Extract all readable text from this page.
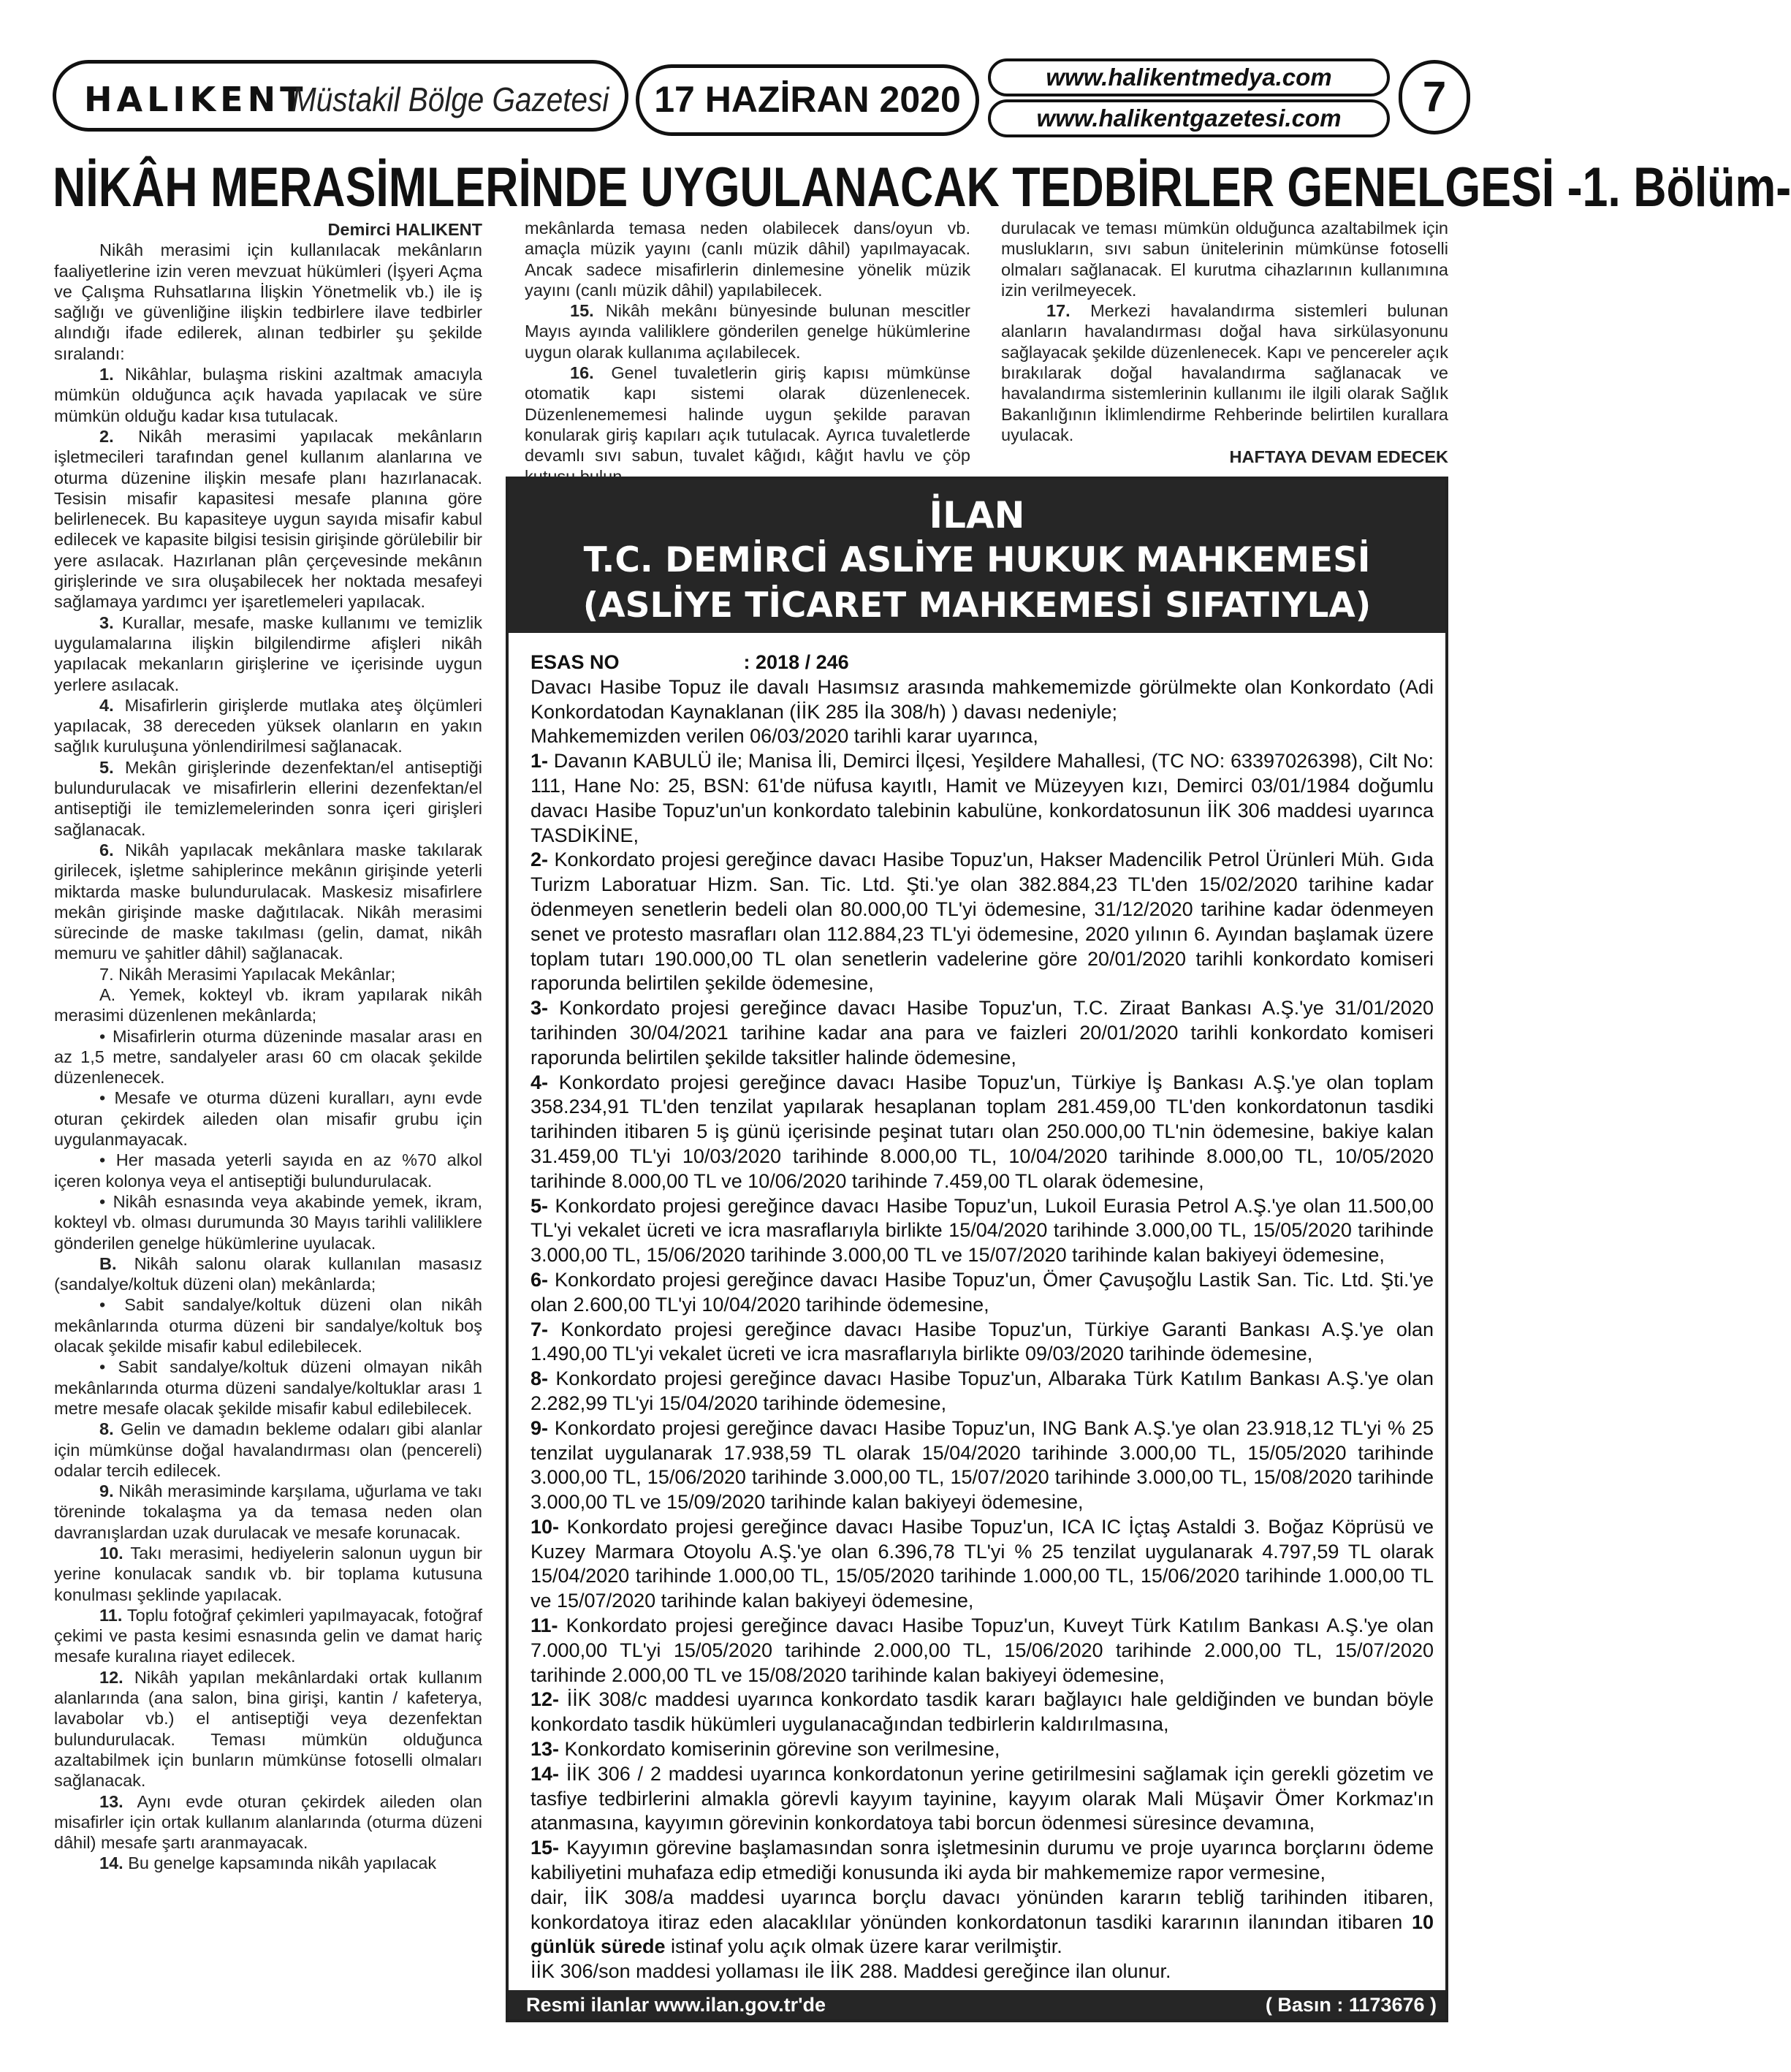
HALIKENT
Müstakil Bölge Gazetesi	17 HAZİRAN 2020
www.halikentmedya.com
www.halikentgazetesi.com	7
NİKÂH MERASİMLERİNDE UYGULANACAK TEDBİRLER GENELGESİ -1. Bölüm-

Demirci HALIKENT

Nikâh merasimi için kullanılacak mekânların faaliyetlerine izin veren mevzuat hükümleri (İşyeri Açma ve Çalışma Ruhsatlarına İlişkin Yönetmelik vb.) ile iş sağlığı ve güvenliğine ilişkin tedbirlere ilave tedbirler alındığı ifade edilerek, alınan tedbirler şu şekilde sıralandı:

1. Nikâhlar, bulaşma riskini azaltmak amacıyla mümkün olduğunca açık havada yapılacak ve süre mümkün olduğu kadar kısa tutulacak.

2. Nikâh merasimi yapılacak mekânların işletmecileri tarafından genel kullanım alanlarına ve oturma düzenine ilişkin mesafe planı hazırlanacak. Tesisin misafir kapasitesi mesafe planına göre belirlenecek. Bu kapasiteye uygun sayıda misafir kabul edilecek ve kapasite bilgisi tesisin girişinde görülebilir bir yere asılacak. Hazırlanan plân çerçevesinde mekânın girişlerinde ve sıra oluşabilecek her noktada mesafeyi sağlamaya yardımcı yer işaretlemeleri yapılacak.

3. Kurallar, mesafe, maske kullanımı ve temizlik uygulamalarına ilişkin bilgilendirme afişleri nikâh yapılacak mekanların girişlerine ve içerisinde uygun yerlere asılacak.

4. Misafirlerin girişlerde mutlaka ateş ölçümleri yapılacak, 38 dereceden yüksek olanların en yakın sağlık kuruluşuna yönlendirilmesi sağlanacak.

5. Mekân girişlerinde dezenfektan/el antiseptiği bulundurulacak ve misafirlerin ellerini dezenfektan/el antiseptiği ile temizlemelerinden sonra içeri girişleri sağlanacak.

6. Nikâh yapılacak mekânlara maske takılarak girilecek, işletme sahiplerince mekânın girişinde yeterli miktarda maske bulundurulacak. Maskesiz misafirlere mekân girişinde maske dağıtılacak. Nikâh merasimi sürecinde de maske takılması (gelin, damat, nikâh memuru ve şahitler dâhil) sağlanacak.

7. Nikâh Merasimi Yapılacak Mekânlar;

A. Yemek, kokteyl vb. ikram yapılarak nikâh merasimi düzenlenen mekânlarda;

• Misafirlerin oturma düzeninde masalar arası en az 1,5 metre, sandalyeler arası 60 cm olacak şekilde düzenlenecek.

• Mesafe ve oturma düzeni kuralları, aynı evde oturan çekirdek aileden olan misafir grubu için uygulanmayacak.

• Her masada yeterli sayıda en az %70 alkol içeren kolonya veya el antiseptiği bulundurulacak.

• Nikâh esnasında veya akabinde yemek, ikram, kokteyl vb. olması durumunda 30 Mayıs tarihli valiliklere gönderilen genelge hükümlerine uyulacak.

B. Nikâh salonu olarak kullanılan masasız (sandalye/koltuk düzeni olan) mekânlarda;

• Sabit sandalye/koltuk düzeni olan nikâh mekânlarında oturma düzeni bir sandalye/koltuk boş olacak şekilde misafir kabul edilebilecek.

• Sabit sandalye/koltuk düzeni olmayan nikâh mekânlarında oturma düzeni sandalye/koltuklar arası 1 metre mesafe olacak şekilde misafir kabul edilebilecek.

8. Gelin ve damadın bekleme odaları gibi alanlar için mümkünse doğal havalandırması olan (pencereli) odalar tercih edilecek.

9. Nikâh merasiminde karşılama, uğurlama ve takı töreninde tokalaşma ya da temasa neden olan davranışlardan uzak durulacak ve mesafe korunacak.

10. Takı merasimi, hediyelerin salonun uygun bir yerine konulacak sandık vb. bir toplama kutusuna konulması şeklinde yapılacak.

11. Toplu fotoğraf çekimleri yapılmayacak, fotoğraf çekimi ve pasta kesimi esnasında gelin ve damat hariç mesafe kuralına riayet edilecek.

12. Nikâh yapılan mekânlardaki ortak kullanım alanlarında (ana salon, bina girişi, kantin / kafeterya, lavabolar vb.) el antiseptiği veya dezenfektan bulundurulacak. Teması mümkün olduğunca azaltabilmek için bunların mümkünse fotoselli olmaları sağlanacak.

13. Aynı evde oturan çekirdek aileden olan misafirler için ortak kullanım alanlarında (oturma düzeni dâhil) mesafe şartı aranmayacak.

14. Bu genelge kapsamında nikâh yapılacak

mekânlarda temasa neden olabilecek dans/oyun vb. amaçla müzik yayını (canlı müzik dâhil) yapılmayacak. Ancak sadece misafirlerin dinlemesine yönelik müzik yayını (canlı müzik dâhil) yapılabilecek.

15. Nikâh mekânı bünyesinde bulunan mescitler Mayıs ayında valiliklere gönderilen genelge hükümlerine uygun olarak kullanıma açılabilecek.

16. Genel tuvaletlerin giriş kapısı mümkünse otomatik kapı sistemi olarak düzenlenecek. Düzenlenememesi halinde uygun şekilde paravan konularak giriş kapıları açık tutulacak. Ayrıca tuvaletlerde devamlı sıvı sabun, tuvalet kâğıdı, kâğıt havlu ve çöp

durulacak ve teması mümkün olduğunca azaltabilmek için muslukların, sıvı sabun ünitelerinin mümkünse fotoselli olmaları sağlanacak. El kurutma cihazlarının kullanımına izin verilmeyecek.

17. Merkezi havalandırma sistemleri bulunan alanların havalandırması doğal hava sirkülasyonunu sağlayacak şekilde düzenlenecek. Kapı ve pencereler açık bırakılarak doğal havalandırma sağlanacak ve havalandırma sistemlerinin kullanımı ile ilgili olarak Sağlık Bakanlığının İklimlendirme Rehberinde belirtilen kurallara uyulacak.

HAFTAYA DEVAM EDECEK

İLAN
T.C. DEMİRCİ ASLİYE HUKUK MAHKEMESİ
(ASLİYE TİCARET MAHKEMESİ SIFATIYLA)

ESAS NO	: 2018 / 246

Davacı Hasibe Topuz ile davalı Hasımsız arasında mahkememizde görülmekte olan Konkordato (Adi Konkordatodan Kaynaklanan (İİK 285 İla 308/h) ) davası nedeniyle;

Mahkememizden verilen 06/03/2020 tarihli karar uyarınca,

1- Davanın KABULÜ ile; Manisa İli, Demirci İlçesi, Yeşildere Mahallesi, (TC NO: 63397026398), Cilt No: 111, Hane No: 25, BSN: 61'de nüfusa kayıtlı, Hamit ve Müzeyyen kızı, Demirci 03/01/1984 doğumlu davacı Hasibe Topuz'un'un konkordato talebinin kabulüne, konkordatosunun İİK 306 maddesi uyarınca TASDİKİNE,

2- Konkordato projesi gereğince davacı Hasibe Topuz'un, Hakser Madencilik Petrol Ürünleri Müh. Gıda Turizm Laboratuar Hizm. San. Tic. Ltd. Şti.'ye olan 382.884,23 TL'den 15/02/2020 tarihine kadar ödenmeyen senetlerin bedeli olan 80.000,00 TL'yi ödemesine, 31/12/2020 tarihine kadar ödenmeyen senet ve protesto masrafları olan 112.884,23 TL'yi ödemesine, 2020 yılının 6. Ayından başlamak üzere toplam tutarı 190.000,00 TL olan senetlerin vadelerine göre 20/01/2020 tarihli konkordato komiseri raporunda belirtilen şekilde ödemesine,

3- Konkordato projesi gereğince davacı Hasibe Topuz'un, T.C. Ziraat Bankası A.Ş.'ye 31/01/2020 tarihinden 30/04/2021 tarihine kadar ana para ve faizleri 20/01/2020 tarihli konkordato komiseri raporunda belirtilen şekilde taksitler halinde ödemesine,

4- Konkordato projesi gereğince davacı Hasibe Topuz'un, Türkiye İş Bankası A.Ş.'ye olan toplam 358.234,91 TL'den tenzilat yapılarak hesaplanan toplam 281.459,00 TL'den konkordatonun tasdiki tarihinden itibaren 5 iş günü içerisinde peşinat tutarı olan 250.000,00 TL'nin ödemesine, bakiye kalan 31.459,00 TL'yi 10/03/2020 tarihinde 8.000,00 TL, 10/04/2020 tarihinde 8.000,00 TL, 10/05/2020 tarihinde 8.000,00 TL ve 10/06/2020 tarihinde 7.459,00 TL olarak ödemesine,

5- Konkordato projesi gereğince davacı Hasibe Topuz'un, Lukoil Eurasia Petrol A.Ş.'ye olan 11.500,00 TL'yi vekalet ücreti ve icra masraflarıyla birlikte 15/04/2020 tarihinde 3.000,00 TL, 15/05/2020 tarihinde 3.000,00 TL, 15/06/2020 tarihinde 3.000,00 TL ve 15/07/2020 tarihinde kalan bakiyeyi ödemesine,

6- Konkordato projesi gereğince davacı Hasibe Topuz'un, Ömer Çavuşoğlu Lastik San. Tic. Ltd. Şti.'ye olan 2.600,00 TL'yi 10/04/2020 tarihinde ödemesine,

7- Konkordato projesi gereğince davacı Hasibe Topuz'un, Türkiye Garanti Bankası A.Ş.'ye olan 1.490,00 TL'yi vekalet ücreti ve icra masraflarıyla birlikte 09/03/2020 tarihinde ödemesine,

8- Konkordato projesi gereğince davacı Hasibe Topuz'un, Albaraka Türk Katılım Bankası A.Ş.'ye olan 2.282,99 TL'yi 15/04/2020 tarihinde ödemesine,

9- Konkordato projesi gereğince davacı Hasibe Topuz'un, ING Bank A.Ş.'ye olan 23.918,12 TL'yi % 25 tenzilat uygulanarak 17.938,59 TL olarak 15/04/2020 tarihinde 3.000,00 TL, 15/05/2020 tarihinde 3.000,00 TL, 15/06/2020 tarihinde 3.000,00 TL, 15/07/2020 tarihinde 3.000,00 TL, 15/08/2020 tarihinde 3.000,00 TL ve 15/09/2020 tarihinde kalan bakiyeyi ödemesine,

10- Konkordato projesi gereğince davacı Hasibe Topuz'un, ICA IC İçtaş Astaldi 3. Boğaz Köprüsü ve Kuzey Marmara Otoyolu A.Ş.'ye olan 6.396,78 TL'yi % 25 tenzilat uygulanarak 4.797,59 TL olarak 15/04/2020 tarihinde 1.000,00 TL, 15/05/2020 tarihinde 1.000,00 TL, 15/06/2020 tarihinde 1.000,00 TL ve 15/07/2020 tarihinde kalan bakiyeyi ödemesine,

11- Konkordato projesi gereğince davacı Hasibe Topuz'un, Kuveyt Türk Katılım Bankası A.Ş.'ye olan 7.000,00 TL'yi 15/05/2020 tarihinde 2.000,00 TL, 15/06/2020 tarihinde 2.000,00 TL, 15/07/2020 tarihinde 2.000,00 TL ve 15/08/2020 tarihinde kalan bakiyeyi ödemesine,

12- İİK 308/c maddesi uyarınca konkordato tasdik kararı bağlayıcı hale geldiğinden ve bundan böyle konkordato tasdik hükümleri uygulanacağından tedbirlerin kaldırılmasına,

13- Konkordato komiserinin görevine son verilmesine,

14- İİK 306 / 2 maddesi uyarınca konkordatonun yerine getirilmesini sağlamak için gerekli gözetim ve tasfiye tedbirlerini almakla görevli kayyım tayinine, kayyım olarak Mali Müşavir Ömer Korkmaz'ın atanmasına, kayyımın görevinin konkordatoya tabi borcun ödenmesi süresince devamına,

15- Kayyımın görevine başlamasından sonra işletmesinin durumu ve proje uyarınca borçlarını ödeme kabiliyetini muhafaza edip etmediği konusunda iki ayda bir mahkememize rapor vermesine,

dair, İİK 308/a maddesi uyarınca borçlu davacı yönünden kararın tebliğ tarihinden itibaren, konkordatoya itiraz eden alacaklılar yönünden konkordatonun tasdiki kararının ilanından itibaren 10 günlük sürede istinaf yolu açık olmak üzere karar verilmiştir.

İİK 306/son maddesi yollaması ile İİK 288. Maddesi gereğince ilan olunur.

Resmi ilanlar www.ilan.gov.tr'de	( Basın : 1173676 )
